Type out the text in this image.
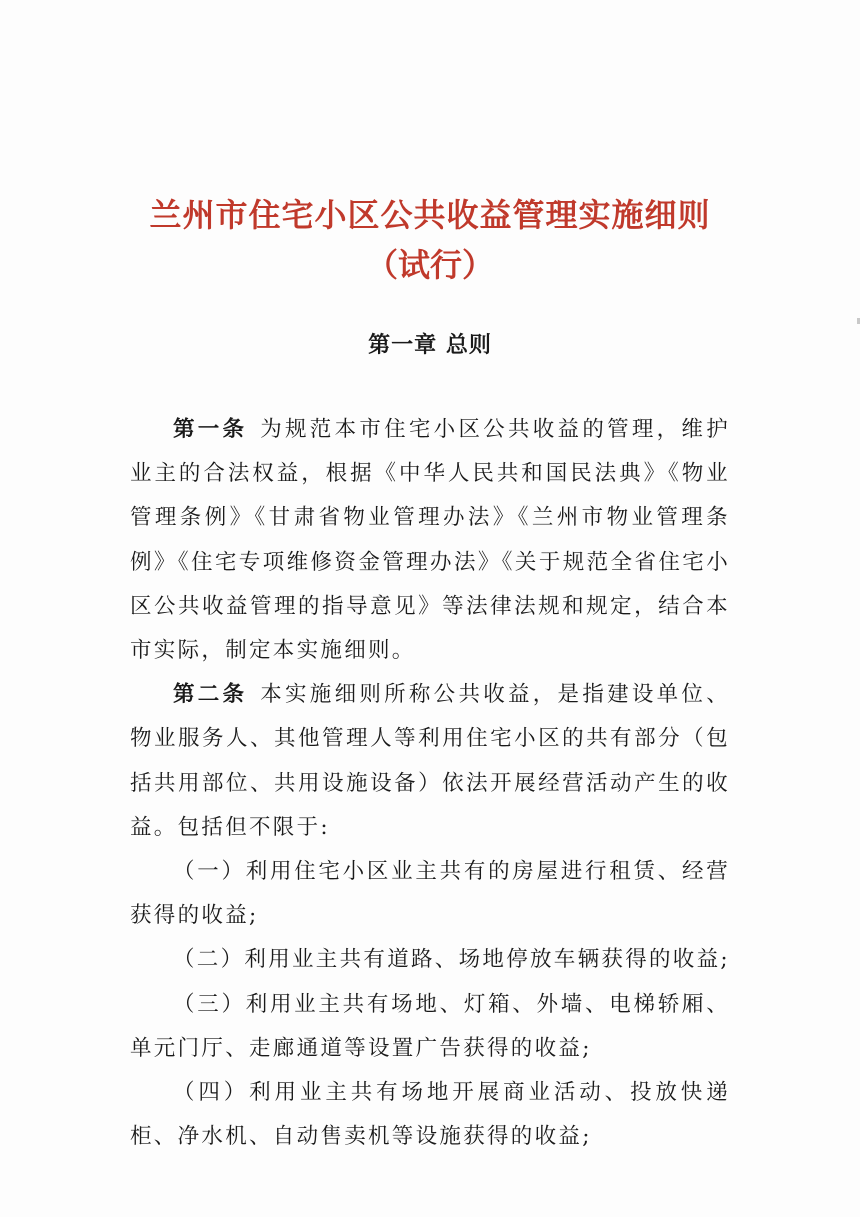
兰州市住宅小区公共收益管理实施细则
（试行）
第一章 总则

第一条 为规范本市住宅小区公共收益的管理，维护业主的合法权益，根据《中华人民共和国民法典》《物业管理条例》《甘肃省物业管理办法》《兰州市物业管理条例》《住宅专项维修资金管理办法》《关于规范全省住宅小区公共收益管理的指导意见》等法律法规和规定，结合本市实际，制定本实施细则。

第二条 本实施细则所称公共收益，是指建设单位、物业服务人、其他管理人等利用住宅小区的共有部分（包括共用部位、共用设施设备）依法开展经营活动产生的收益。包括但不限于:

（一）利用住宅小区业主共有的房屋进行租赁、经营获得的收益;

（二）利用业主共有道路、场地停放车辆获得的收益;

（三）利用业主共有场地、灯箱、外墙、电梯轿厢、单元门厅、走廊通道等设置广告获得的收益;

（四）利用业主共有场地开展商业活动、投放快递柜、净水机、自动售卖机等设施获得的收益;
